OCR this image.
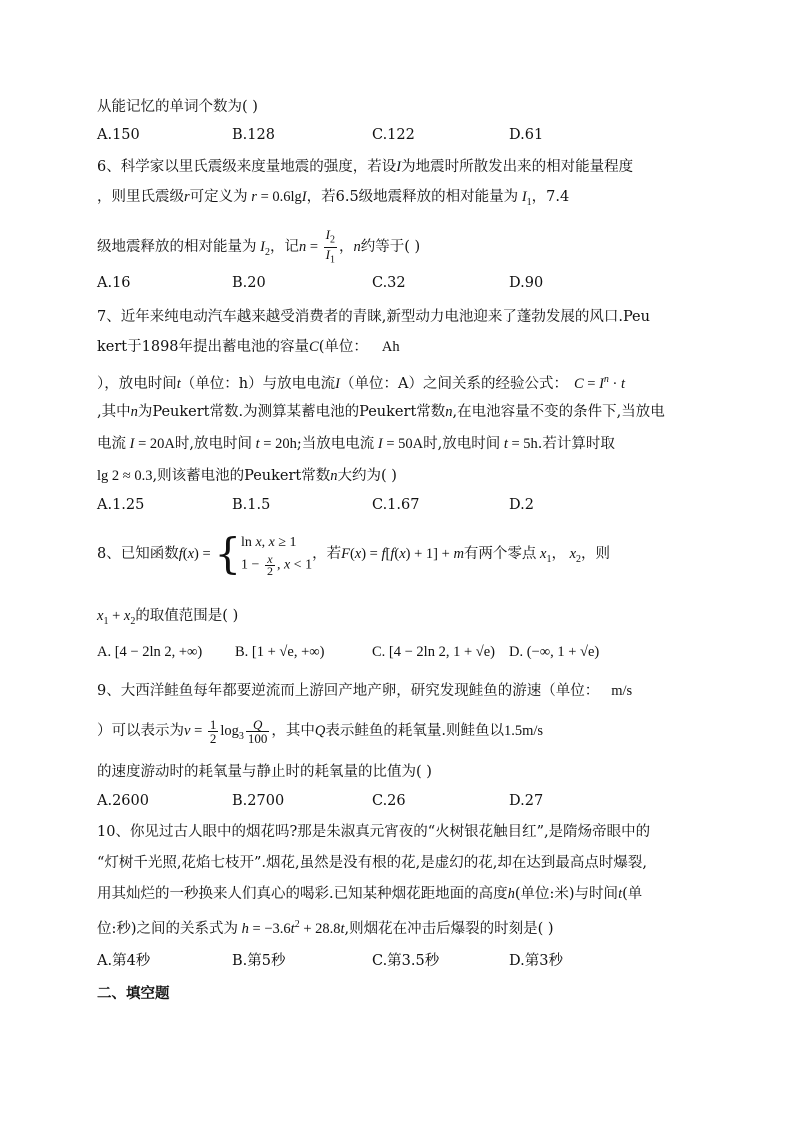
从能记忆的单词个数为( )
A.150	B.128	C.122	D.61
6、科学家以里氏震级来度量地震的强度，若设I为地震时所散发出来的相对能量程度
，则里氏震级r可定义为 r = 0.6lgI，若6.5级地震释放的相对能量为 $I_1$，7.4
级地震释放的相对能量为 $I_2$，记$n = \frac{I_2}{I_1}$ ，n约等于( )
A.16	B.20	C.32	D.90
7、近年来纯电动汽车越来越受消费者的青睐,新型动力电池迎来了蓬勃发展的风口.Peu
kert于1898年提出蓄电池的容量C(单位： Ah
），放电时间t（单位：h）与放电电流I（单位：A）之间关系的经验公式： $C = I^n \cdot t$
,其中n为Peukert常数.为测算某蓄电池的Peukert常数n,在电池容量不变的条件下,当放电
电流 I = 20A时,放电时间 t = 20h;当放电电流 I = 50A时,放电时间 t = 5h.若计算时取
lg 2 ≈ 0.3,则该蓄电池的Peukert常数n大约为( )
A.1.25	B.1.5	C.1.67	D.2
8、已知函数f(x) = { ln x, x ≥ 1
$1 - \frac{x}{2}$ , x < 1
，若F(x) = f[f(x) + 1] + m有两个零点 $x_1$， $x_2$，则
$x_1 + x_2$的取值范围是( )
A. [4 − 2ln 2, +∞) B. [1 + √e, +∞)	C. [4 − 2ln 2, 1 + √e) D. (−∞, 1 + √e)
9、大西洋鲑鱼每年都要逆流而上游回产地产卵，研究发现鲑鱼的游速（单位： m/s
）可以表示为$v = \frac{1}{2} \log_3 \frac{Q}{100}$ ，其中Q表示鲑鱼的耗氧量.则鲑鱼以1.5m/s
的速度游动时的耗氧量与静止时的耗氧量的比值为( )
A.2600	B.2700	C.26	D.27
10、你见过古人眼中的烟花吗?那是朱淑真元宵夜的“火树银花触目红”,是隋炀帝眼中的
“灯树千光照,花焰七枝开”.烟花,虽然是没有根的花,是虚幻的花,却在达到最高点时爆裂,
用其灿烂的一秒换来人们真心的喝彩.已知某种烟花距地面的高度h(单位:米)与时间t(单
位:秒)之间的关系式为 $h = -3.6t^2 + 28.8t$,则烟花在冲击后爆裂的时刻是( )
A.第4秒	B.第5秒	C.第3.5秒	D.第3秒
二、填空题
